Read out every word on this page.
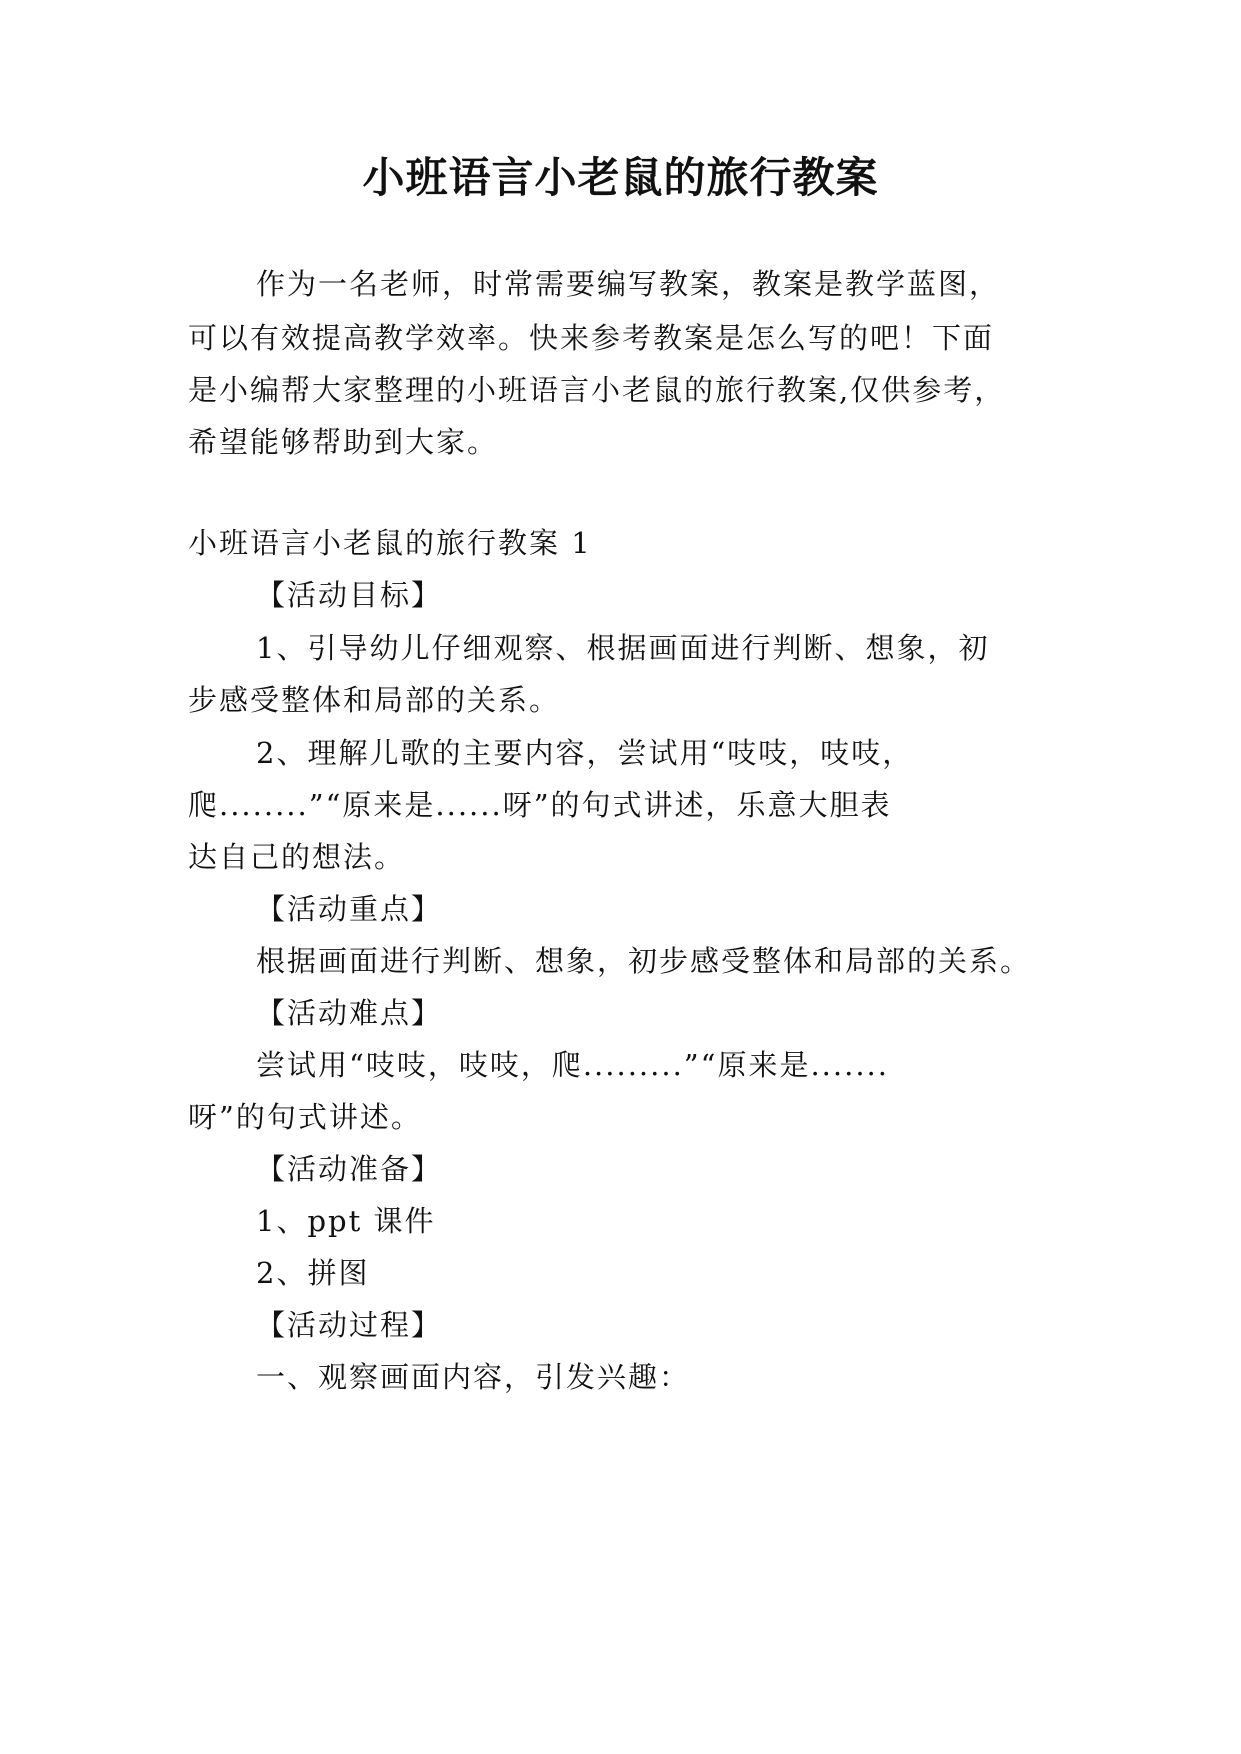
小班语言小老鼠的旅行教案

作为一名老师，时常需要编写教案，教案是教学蓝图，

可以有效提高教学效率。快来参考教案是怎么写的吧！下面

是小编帮大家整理的小班语言小老鼠的旅行教案,仅供参考，

希望能够帮助到大家。

小班语言小老鼠的旅行教案 1

【活动目标】

1、引导幼儿仔细观察、根据画面进行判断、想象，初

步感受整体和局部的关系。

2、理解儿歌的主要内容，尝试用“吱吱，吱吱，

爬........”“原来是......呀”的句式讲述，乐意大胆表

达自己的想法。

【活动重点】

根据画面进行判断、想象，初步感受整体和局部的关系。

【活动难点】

尝试用“吱吱，吱吱，爬.........”“原来是.......

呀”的句式讲述。

【活动准备】

1、ppt 课件

2、拼图

【活动过程】

一、观察画面内容，引发兴趣：
